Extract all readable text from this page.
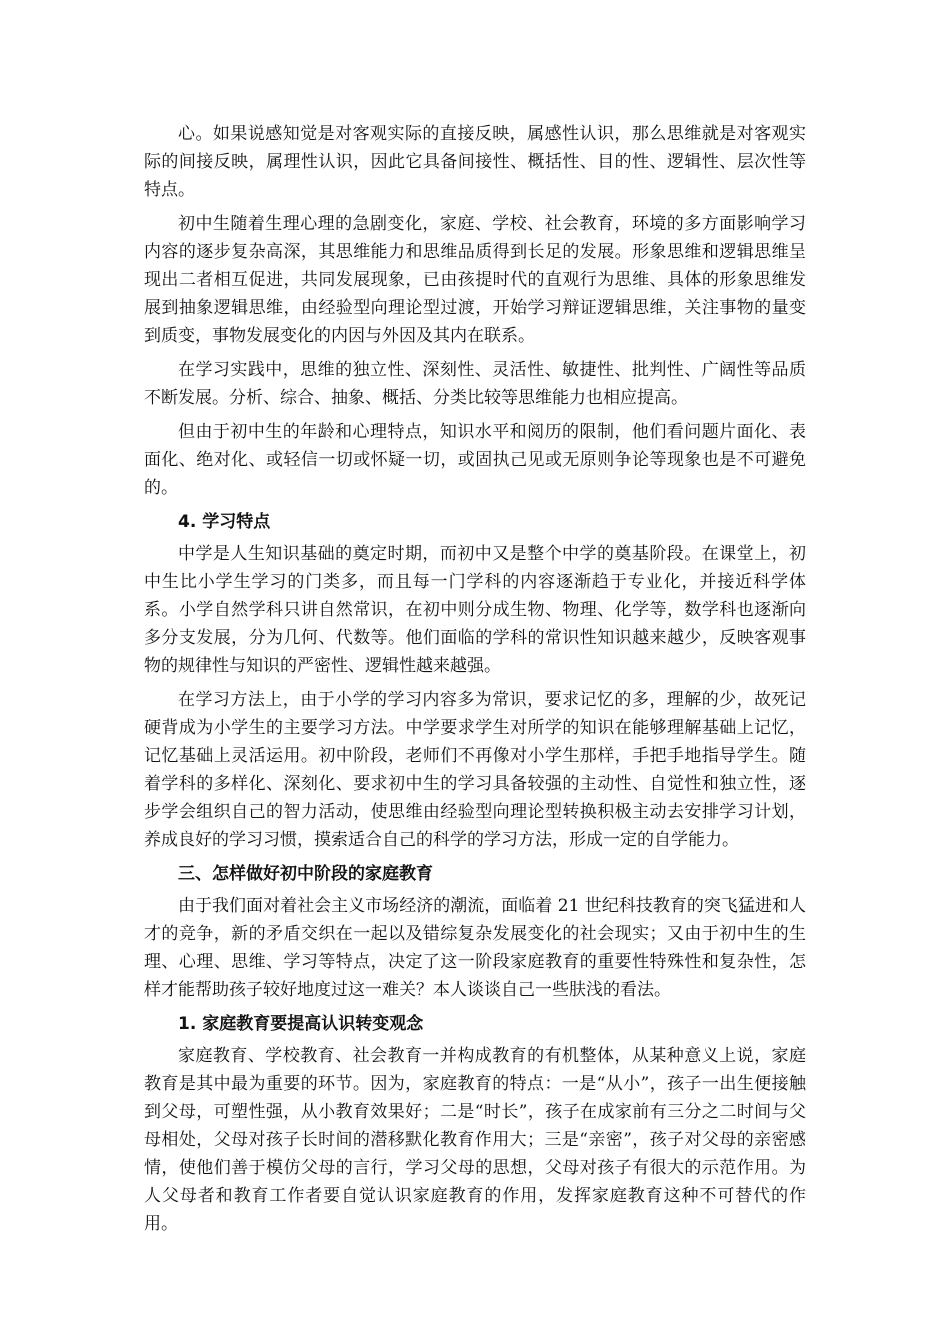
心。如果说感知觉是对客观实际的直接反映，属感性认识，那么思维就是对客观实际的间接反映，属理性认识，因此它具备间接性、概括性、目的性、逻辑性、层次性等特点。

初中生随着生理心理的急剧变化，家庭、学校、社会教育，环境的多方面影响学习内容的逐步复杂高深，其思维能力和思维品质得到长足的发展。形象思维和逻辑思维呈现出二者相互促进，共同发展现象，已由孩提时代的直观行为思维、具体的形象思维发展到抽象逻辑思维，由经验型向理论型过渡，开始学习辩证逻辑思维，关注事物的量变到质变，事物发展变化的内因与外因及其内在联系。

在学习实践中，思维的独立性、深刻性、灵活性、敏捷性、批判性、广阔性等品质不断发展。分析、综合、抽象、概括、分类比较等思维能力也相应提高。

但由于初中生的年龄和心理特点，知识水平和阅历的限制，他们看问题片面化、表面化、绝对化、或轻信一切或怀疑一切，或固执己见或无原则争论等现象也是不可避免的。

4. 学习特点

中学是人生知识基础的奠定时期，而初中又是整个中学的奠基阶段。在课堂上，初中生比小学生学习的门类多，而且每一门学科的内容逐渐趋于专业化，并接近科学体系。小学自然学科只讲自然常识，在初中则分成生物、物理、化学等，数学科也逐渐向多分支发展，分为几何、代数等。他们面临的学科的常识性知识越来越少，反映客观事物的规律性与知识的严密性、逻辑性越来越强。

在学习方法上，由于小学的学习内容多为常识，要求记忆的多，理解的少，故死记硬背成为小学生的主要学习方法。中学要求学生对所学的知识在能够理解基础上记忆，记忆基础上灵活运用。初中阶段，老师们不再像对小学生那样，手把手地指导学生。随着学科的多样化、深刻化、要求初中生的学习具备较强的主动性、自觉性和独立性，逐步学会组织自己的智力活动，使思维由经验型向理论型转换积极主动去安排学习计划，养成良好的学习习惯，摸索适合自己的科学的学习方法，形成一定的自学能力。

三、怎样做好初中阶段的家庭教育

由于我们面对着社会主义市场经济的潮流，面临着 21 世纪科技教育的突飞猛进和人才的竞争，新的矛盾交织在一起以及错综复杂发展变化的社会现实；又由于初中生的生理、心理、思维、学习等特点，决定了这一阶段家庭教育的重要性特殊性和复杂性，怎样才能帮助孩子较好地度过这一难关？本人谈谈自己一些肤浅的看法。

1. 家庭教育要提高认识转变观念

家庭教育、学校教育、社会教育一并构成教育的有机整体，从某种意义上说，家庭教育是其中最为重要的环节。因为，家庭教育的特点：一是“从小”，孩子一出生便接触到父母，可塑性强，从小教育效果好；二是“时长”，孩子在成家前有三分之二时间与父母相处，父母对孩子长时间的潜移默化教育作用大；三是“亲密”，孩子对父母的亲密感情，使他们善于模仿父母的言行，学习父母的思想，父母对孩子有很大的示范作用。为人父母者和教育工作者要自觉认识家庭教育的作用，发挥家庭教育这种不可替代的作用。
